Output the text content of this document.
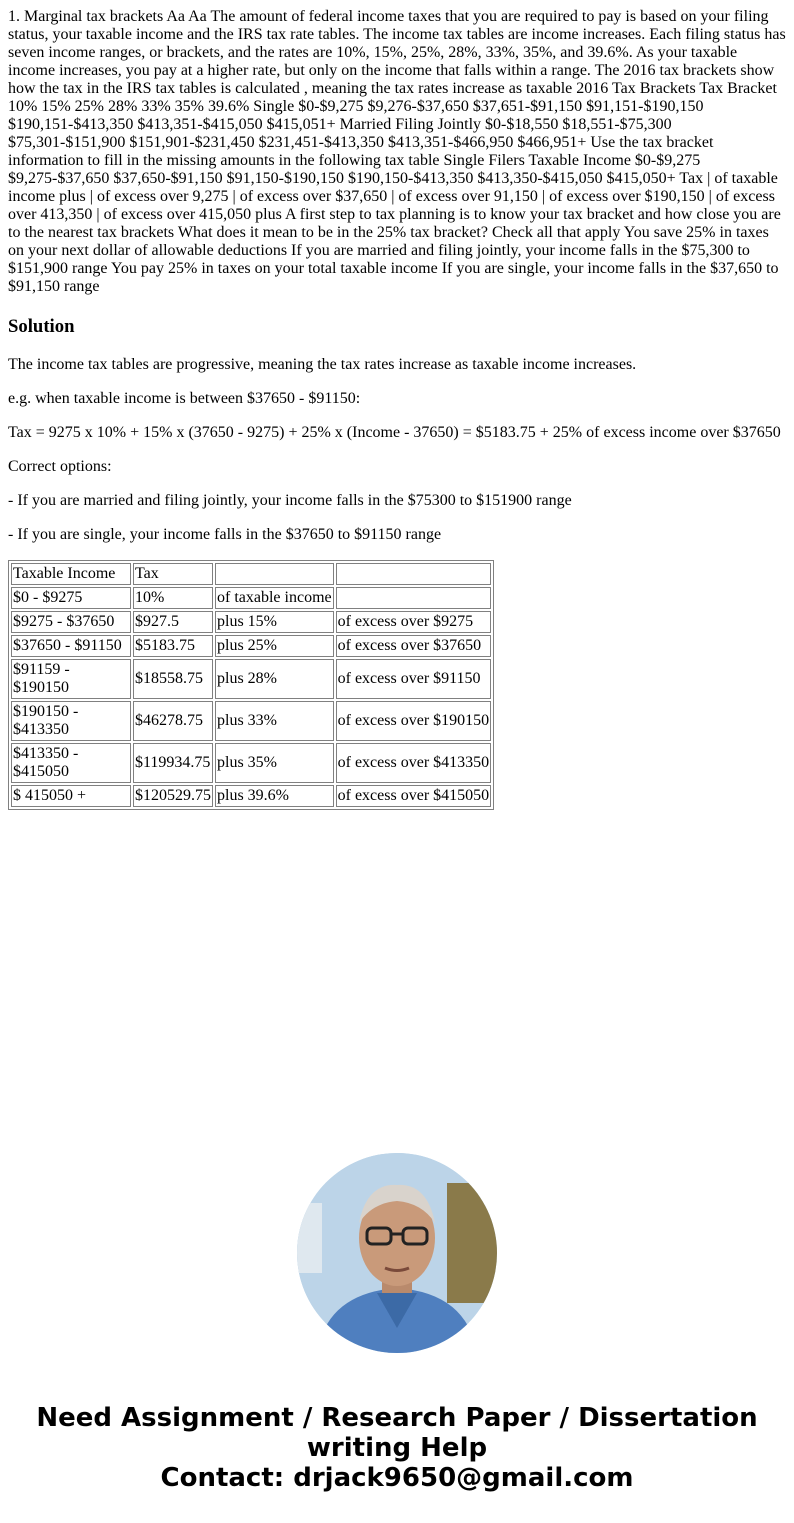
1. Marginal tax brackets Aa Aa The amount of federal income taxes that you are required to pay is based on your filing status, your taxable income and the IRS tax rate tables. The income tax tables are income increases. Each filing status has seven income ranges, or brackets, and the rates are 10%, 15%, 25%, 28%, 33%, 35%, and 39.6%. As your taxable income increases, you pay at a higher rate, but only on the income that falls within a range. The 2016 tax brackets show how the tax in the IRS tax tables is calculated , meaning the tax rates increase as taxable 2016 Tax Brackets Tax Bracket 10% 15% 25% 28% 33% 35% 39.6% Single $0-$9,275 $9,276-$37,650 $37,651-$91,150 $91,151-$190,150 $190,151-$413,350 $413,351-$415,050 $415,051+ Married Filing Jointly $0-$18,550 $18,551-$75,300 $75,301-$151,900 $151,901-$231,450 $231,451-$413,350 $413,351-$466,950 $466,951+ Use the tax bracket information to fill in the missing amounts in the following tax table Single Filers Taxable Income $0-$9,275 $9,275-$37,650 $37,650-$91,150 $91,150-$190,150 $190,150-$413,350 $413,350-$415,050 $415,050+ Tax | of taxable income plus | of excess over 9,275 | of excess over $37,650 | of excess over 91,150 | of excess over $190,150 | of excess over 413,350 | of excess over 415,050 plus A first step to tax planning is to know your tax bracket and how close you are to the nearest tax brackets What does it mean to be in the 25% tax bracket? Check all that apply You save 25% in taxes on your next dollar of allowable deductions If you are married and filing jointly, your income falls in the $75,300 to $151,900 range You pay 25% in taxes on your total taxable income If you are single, your income falls in the $37,650 to $91,150 range

Solution

The income tax tables are progressive, meaning the tax rates increase as taxable income increases.

e.g. when taxable income is between $37650 - $91150:

Tax = 9275 x 10% + 15% x (37650 - 9275) + 25% x (Income - 37650) = $5183.75 + 25% of excess income over $37650

Correct options:

- If you are married and filing jointly, your income falls in the $75300 to $151900 range

- If you are single, your income falls in the $37650 to $91150 range

Taxable Income	Tax		
$0 - $9275	10%	of taxable income	
$9275 - $37650	$927.5	plus 15%	of excess over $9275
$37650 - $91150	$5183.75	plus 25%	of excess over $37650
$91159 - $190150	$18558.75	plus 28%	of excess over $91150
$190150 - $413350	$46278.75	plus 33%	of excess over $190150
$413350 - $415050	$119934.75	plus 35%	of excess over $413350
$ 415050 +	$120529.75	plus 39.6%	of excess over $415050
Need Assignment / Research Paper / Dissertation
writing Help
Contact: drjack9650@gmail.com
